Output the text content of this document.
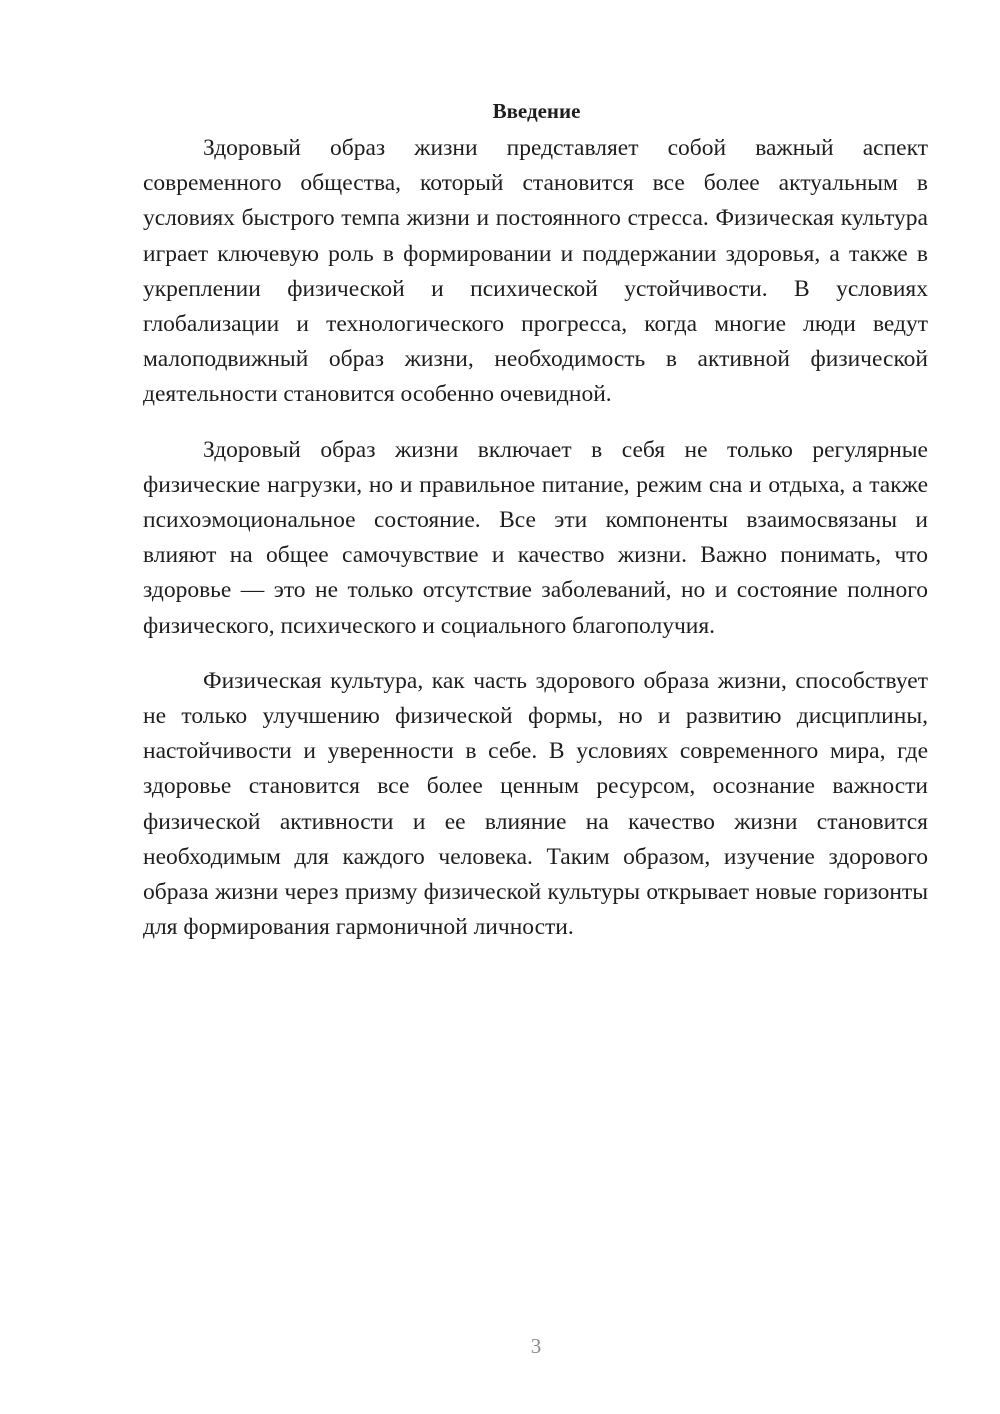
Введение

Здоровый образ жизни представляет собой важный аспект современного общества, который становится все более актуальным в условиях быстрого темпа жизни и постоянного стресса. Физическая культура играет ключевую роль в формировании и поддержании здоровья, а также в укреплении физической и психической устойчивости. В условиях глобализации и технологического прогресса, когда многие люди ведут малоподвижный образ жизни, необходимость в активной физической деятельности становится особенно очевидной.

Здоровый образ жизни включает в себя не только регулярные физические нагрузки, но и правильное питание, режим сна и отдыха, а также психоэмоциональное состояние. Все эти компоненты взаимосвязаны и влияют на общее самочувствие и качество жизни. Важно понимать, что здоровье — это не только отсутствие заболеваний, но и состояние полного физического, психического и социального благополучия.

Физическая культура, как часть здорового образа жизни, способствует не только улучшению физической формы, но и развитию дисциплины, настойчивости и уверенности в себе. В условиях современного мира, где здоровье становится все более ценным ресурсом, осознание важности физической активности и ее влияние на качество жизни становится необходимым для каждого человека. Таким образом, изучение здорового образа жизни через призму физической культуры открывает новые горизонты для формирования гармоничной личности.

3
